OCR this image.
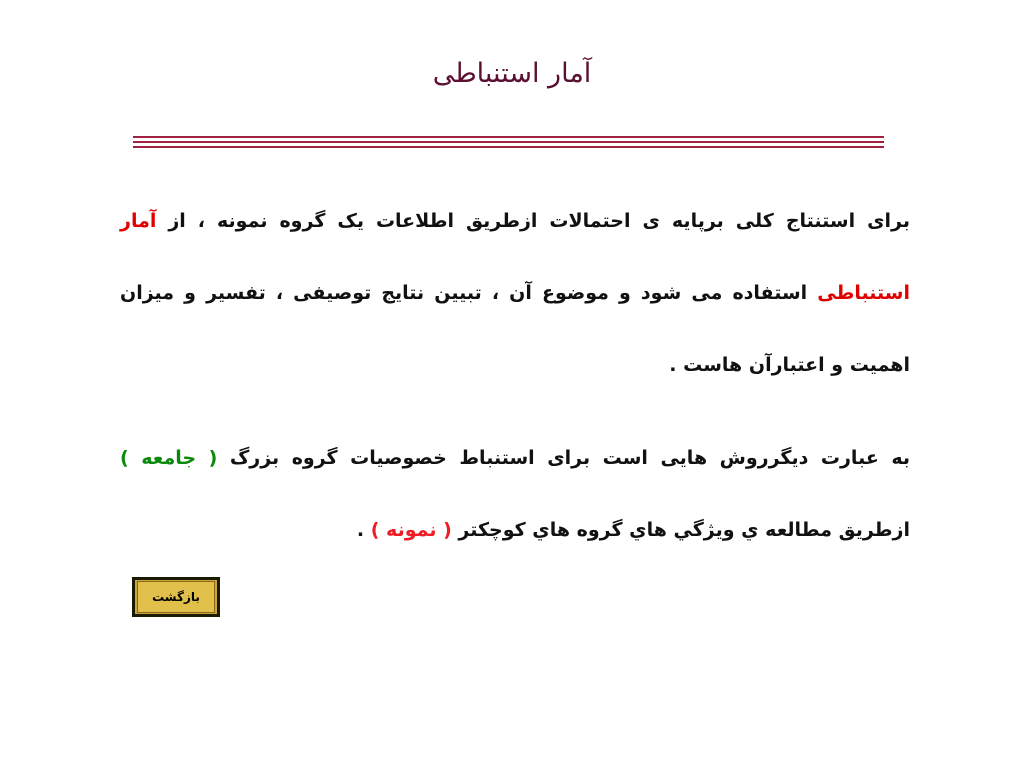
آمار استنباطی
برای استنتاج کلی برپایه ی احتمالات ازطریق اطلاعات یک گروه نمونه ، از آمار استنباطی استفاده می شود و موضوع آن ، تبیین نتایج توصیفی ، تفسیر و میزان اهمیت و اعتبارآن هاست .
به عبارت دیگرروش هایی است برای استنباط خصوصیات گروه بزرگ ( جامعه ) ازطریق مطالعه ي ويژگي هاي گروه هاي كوچكتر ( نمونه ) .
بازگشت
